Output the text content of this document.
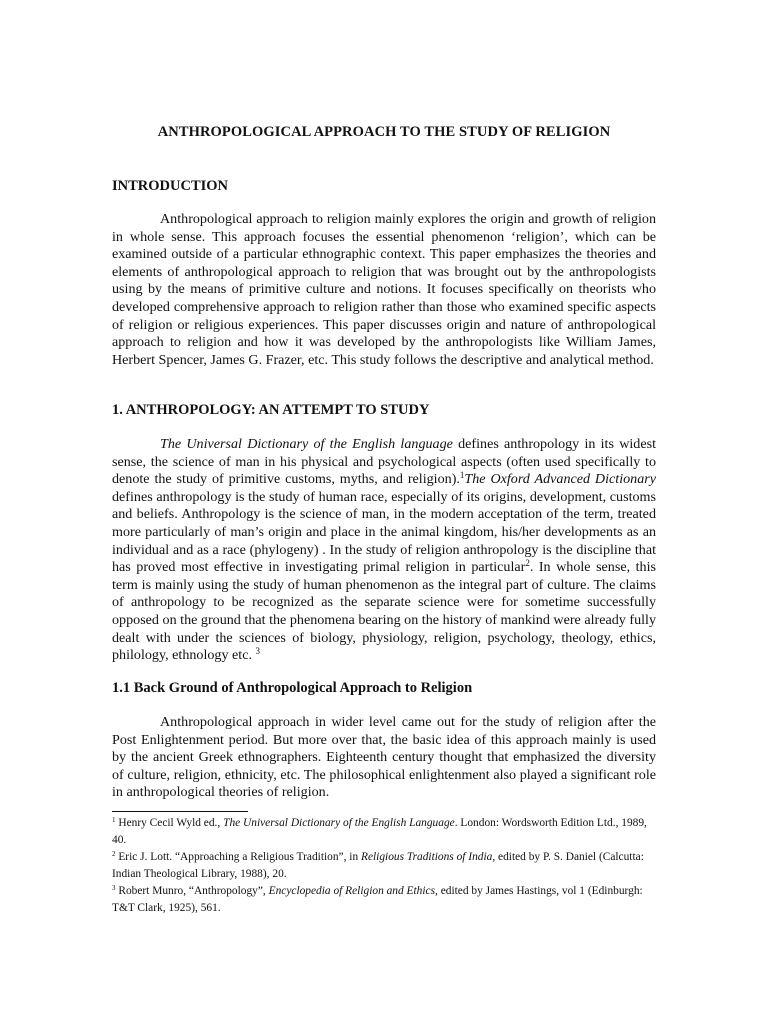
ANTHROPOLOGICAL APPROACH TO THE STUDY OF RELIGION
INTRODUCTION

Anthropological approach to religion mainly explores the origin and growth of religion in whole sense. This approach focuses the essential phenomenon ‘religion’, which can be examined outside of a particular ethnographic context. This paper emphasizes the theories and elements of anthropological approach to religion that was brought out by the anthropologists using by the means of primitive culture and notions. It focuses specifically on theorists who developed comprehensive approach to religion rather than those who examined specific aspects of religion or religious experiences. This paper discusses origin and nature of anthropological approach to religion and how it was developed by the anthropologists like William James, Herbert Spencer, James G. Frazer, etc. This study follows the descriptive and analytical method.

1. ANTHROPOLOGY: AN ATTEMPT TO STUDY

The Universal Dictionary of the English language defines anthropology in its widest sense, the science of man in his physical and psychological aspects (often used specifically to denote the study of primitive customs, myths, and religion).$^1$The Oxford Advanced Dictionary defines anthropology is the study of human race, especially of its origins, development, customs and beliefs. Anthropology is the science of man, in the modern acceptation of the term, treated more particularly of man’s origin and place in the animal kingdom, his/her developments as an individual and as a race (phylogeny) . In the study of religion anthropology is the discipline that has proved most effective in investigating primal religion in particular$^2$. In whole sense, this term is mainly using the study of human phenomenon as the integral part of culture. The claims of anthropology to be recognized as the separate science were for sometime successfully opposed on the ground that the phenomena bearing on the history of mankind were already fully dealt with under the sciences of biology, physiology, religion, psychology, theology, ethics, philology, ethnology etc. $^3$

1.1 Back Ground of Anthropological Approach to Religion

Anthropological approach in wider level came out for the study of religion after the Post Enlightenment period. But more over that, the basic idea of this approach mainly is used by the ancient Greek ethnographers. Eighteenth century thought that emphasized the diversity of culture, religion, ethnicity, etc. The philosophical enlightenment also played a significant role in anthropological theories of religion.

$^1$ Henry Cecil Wyld ed., The Universal Dictionary of the English Language. London: Wordsworth Edition Ltd., 1989, 40.
$^2$ Eric J. Lott. “Approaching a Religious Tradition”, in Religious Traditions of India, edited by P. S. Daniel (Calcutta: Indian Theological Library, 1988), 20.
$^3$ Robert Munro, “Anthropology”, Encyclopedia of Religion and Ethics, edited by James Hastings, vol 1 (Edinburgh: T&T Clark, 1925), 561.
